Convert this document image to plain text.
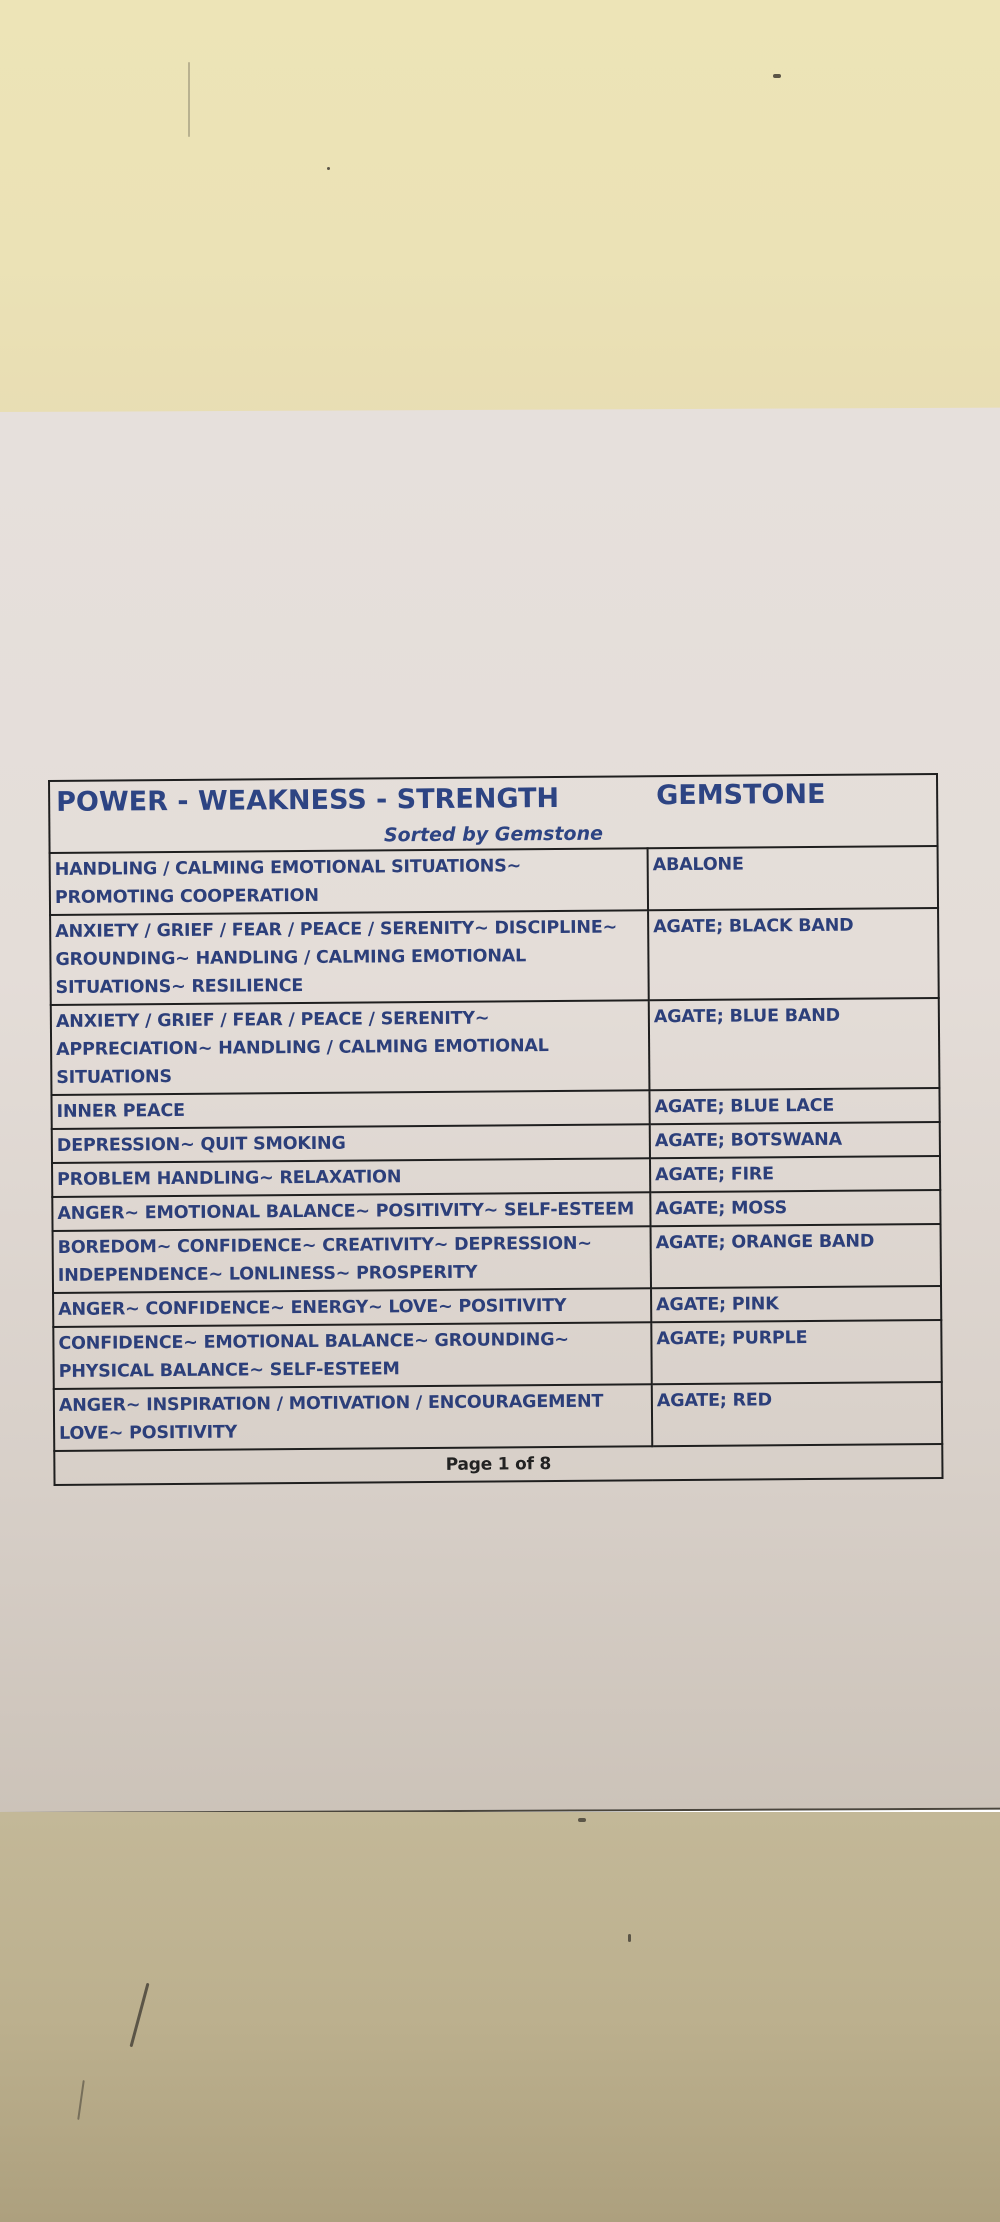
POWER - WEAKNESS - STRENGTH GEMSTONE
Sorted by Gemstone	

HANDLING / CALMING EMOTIONAL SITUATIONS~ PROMOTING COOPERATION	ABALONE
ANXIETY / GRIEF / FEAR / PEACE / SERENITY~ DISCIPLINE~ GROUNDING~ HANDLING / CALMING EMOTIONAL SITUATIONS~ RESILIENCE	AGATE; BLACK BAND
ANXIETY / GRIEF / FEAR / PEACE / SERENITY~ APPRECIATION~ HANDLING / CALMING EMOTIONAL SITUATIONS	AGATE; BLUE BAND
INNER PEACE	AGATE; BLUE LACE
DEPRESSION~ QUIT SMOKING	AGATE; BOTSWANA
PROBLEM HANDLING~ RELAXATION	AGATE; FIRE
ANGER~ EMOTIONAL BALANCE~ POSITIVITY~ SELF-ESTEEM	AGATE; MOSS
BOREDOM~ CONFIDENCE~ CREATIVITY~ DEPRESSION~ INDEPENDENCE~ LONLINESS~ PROSPERITY	AGATE; ORANGE BAND
ANGER~ CONFIDENCE~ ENERGY~ LOVE~ POSITIVITY	AGATE; PINK
CONFIDENCE~ EMOTIONAL BALANCE~ GROUNDING~ PHYSICAL BALANCE~ SELF-ESTEEM	AGATE; PURPLE
ANGER~ INSPIRATION / MOTIVATION / ENCOURAGEMENT LOVE~ POSITIVITY	AGATE; RED
Page 1 of 8	
